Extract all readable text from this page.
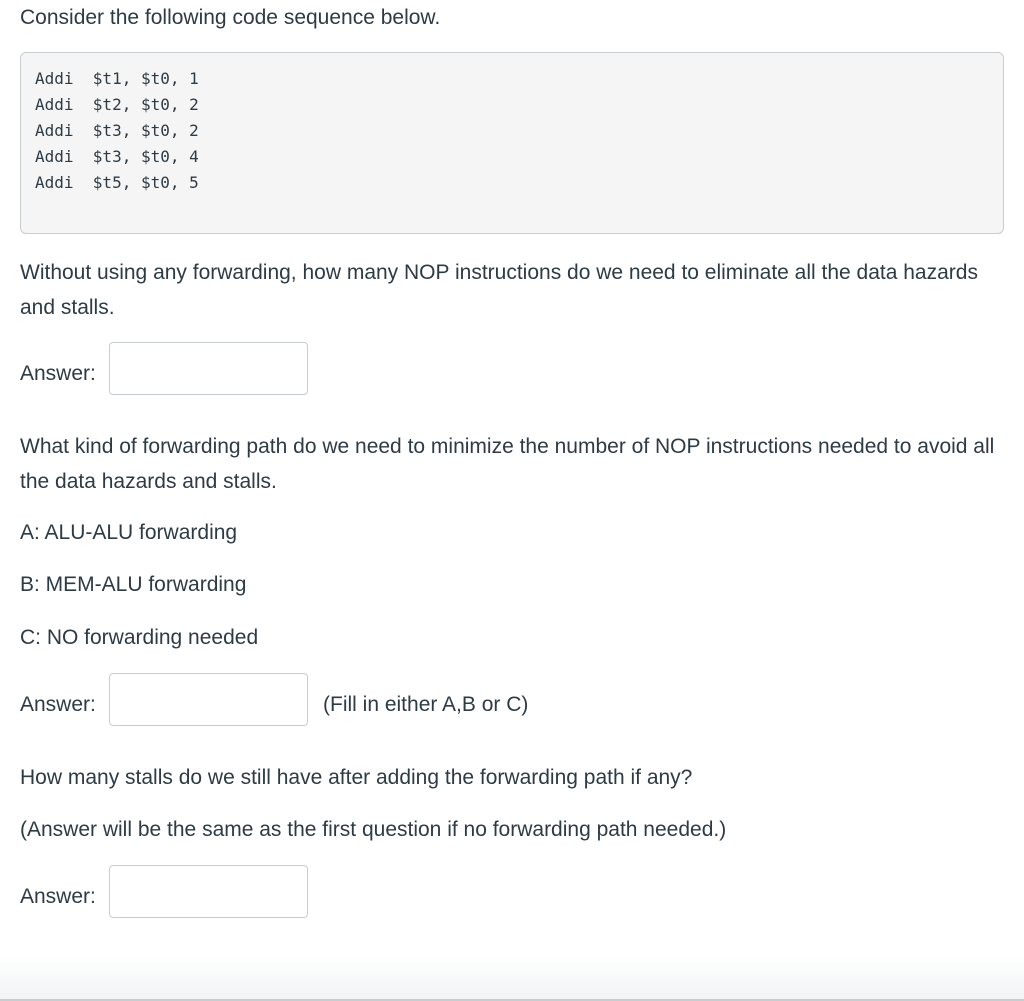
Consider the following code sequence below.
Addi $t1, $t0, 1
Addi $t2, $t0, 2
Addi $t3, $t0, 2
Addi $t3, $t0, 4
Addi $t5, $t0, 5
Without using any forwarding, how many NOP instructions do we need to eliminate all the data hazards and stalls.
Answer:
What kind of forwarding path do we need to minimize the number of NOP instructions needed to avoid all the data hazards and stalls.
A: ALU-ALU forwarding
B: MEM-ALU forwarding
C: NO forwarding needed
Answer:	(Fill in either A,B or C)
How many stalls do we still have after adding the forwarding path if any?
(Answer will be the same as the first question if no forwarding path needed.)
Answer:
